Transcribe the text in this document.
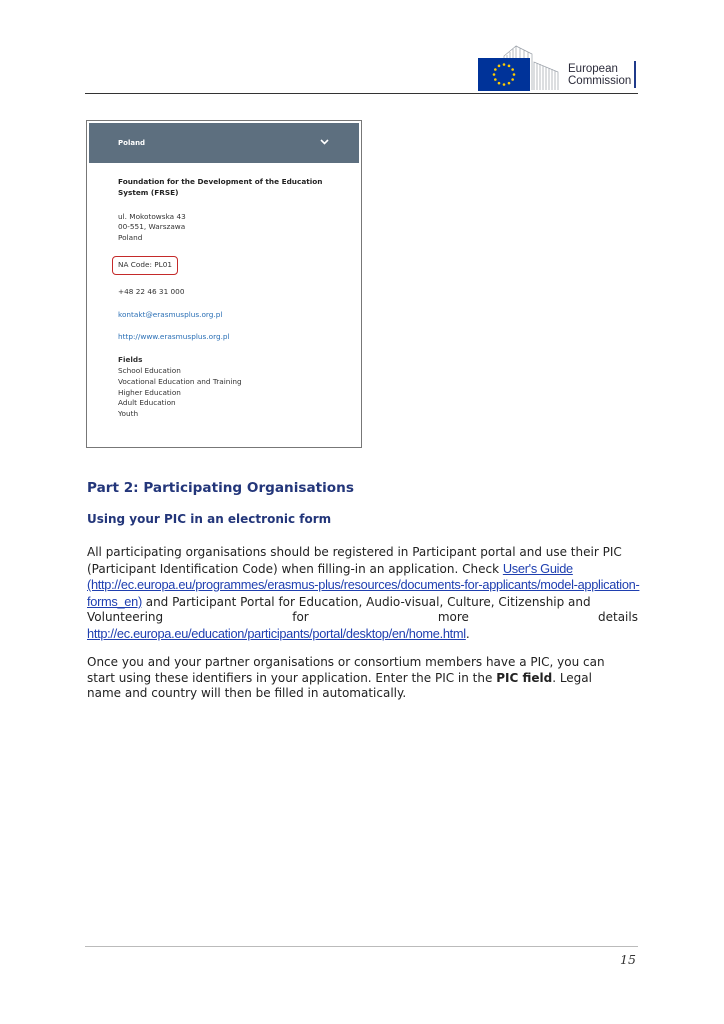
European
Commission
Poland
Foundation for the Development of the Education System (FRSE)
ul. Mokotowska 43
00-551, Warszawa
Poland
NA Code: PL01
+48 22 46 31 000
kontakt@erasmusplus.org.pl
http://www.erasmusplus.org.pl
Fields
School Education
Vocational Education and Training
Higher Education
Adult Education
Youth
Part 2: Participating Organisations
Using your PIC in an electronic form
All participating organisations should be registered in Participant portal and use their PIC
(Participant Identification Code) when filling-in an application. Check User's Guide
(http://ec.europa.eu/programmes/erasmus-plus/resources/documents-for-applicants/model-application-
forms_en) and Participant Portal for Education, Audio-visual, Culture, Citizenship and
Volunteering	for	more	details
http://ec.europa.eu/education/participants/portal/desktop/en/home.html.
Once you and your partner organisations or consortium members have a PIC, you can
start using these identifiers in your application. Enter the PIC in the PIC field. Legal
name and country will then be filled in automatically.
15
